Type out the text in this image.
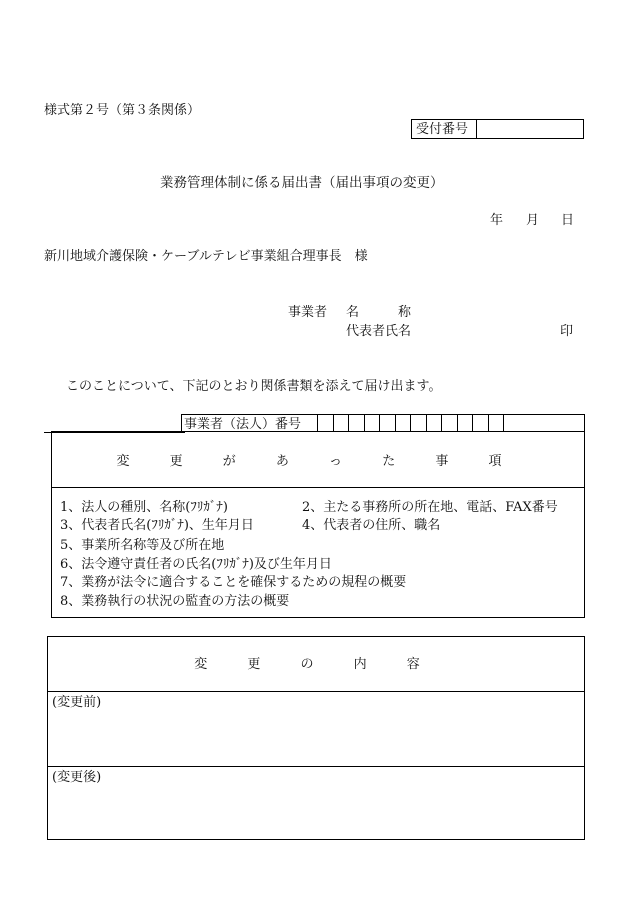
様式第２号（第３条関係）
受付番号
業務管理体制に係る届出書（届出事項の変更）
年 月 日
新川地域介護保険・ケーブルテレビ事業組合理事長　様
事業者 名　　　称
代表者氏名	印
このことについて、下記のとおり関係書類を添えて届け出ます。
事業者（法人）番号
変 更 が あ っ た 事 項
1、法人の種別、名称(ﾌﾘｶﾞﾅ)	2、主たる事務所の所在地、電話、FAX番号
3、代表者氏名(ﾌﾘｶﾞﾅ)、生年月日	4、代表者の住所、職名
5、事業所名称等及び所在地
6、法令遵守責任者の氏名(ﾌﾘｶﾞﾅ)及び生年月日
7、業務が法令に適合することを確保するための規程の概要
8、業務執行の状況の監査の方法の概要
変 更 の 内 容
(変更前)
(変更後)
